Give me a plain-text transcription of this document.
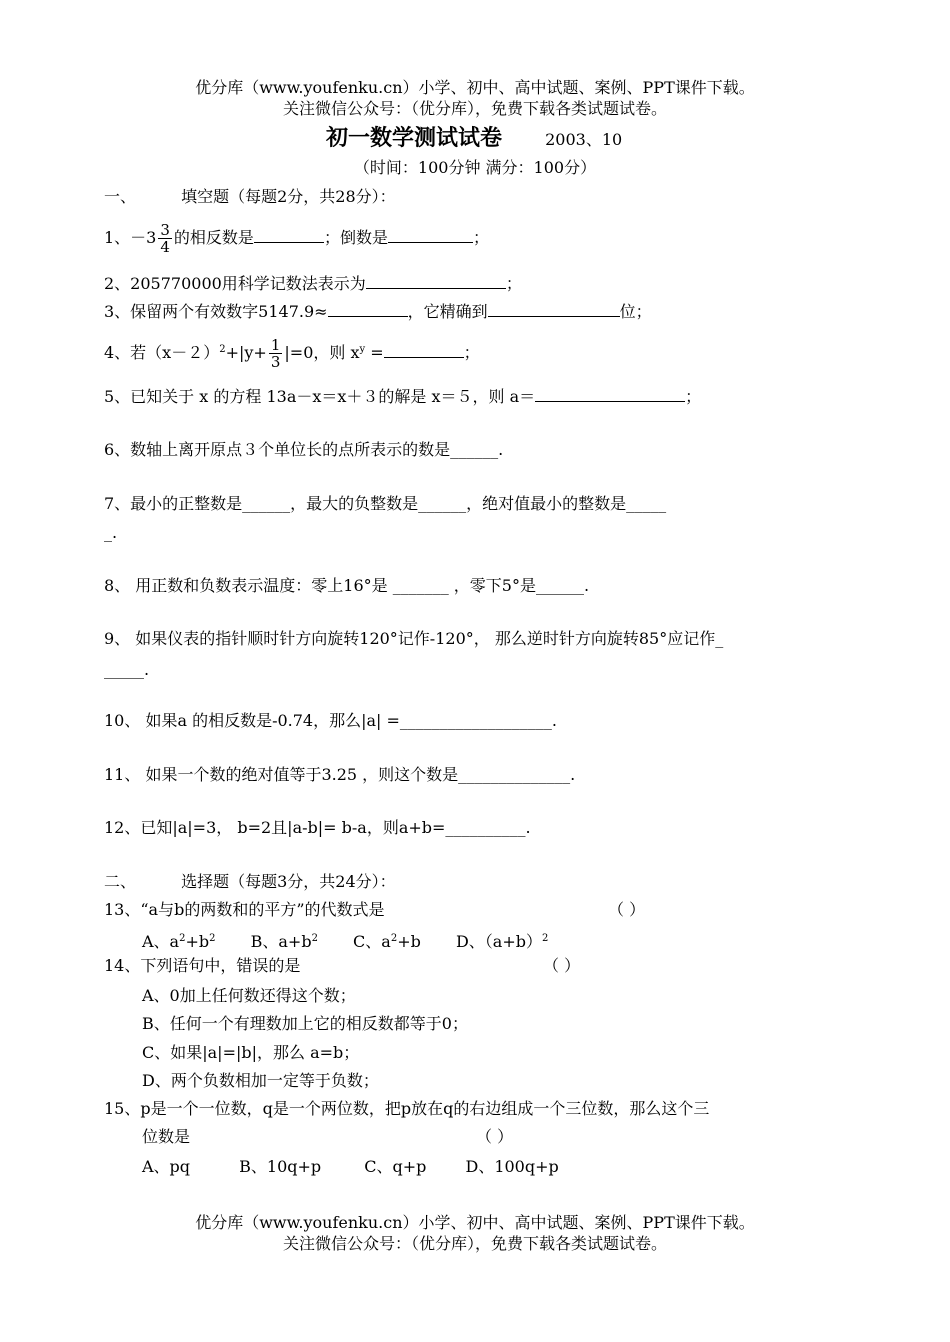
优分库（www.youfenku.cn）小学、初中、高中试题、案例、PPT课件下载。
关注微信公众号：（优分库），免费下载各类试题试卷。
初一数学测试试卷	2003、10
（时间：100分钟 满分：100分）
一、	填空题（每题2分，共28分）：
1、$-3 \frac{3}{4}$ 的相反数是	；倒数是	；
2、205770000用科学记数法表示为	；
3、保留两个有效数字5147.9≈	，它精确到	位；
4、若$(x-2)^2+|y+ \frac{1}{3} |=0$，则 $x^y$ =	；
5、已知关于 x 的方程 13a－x＝x＋３的解是 x＝５，则 a＝	；
6、数轴上离开原点３个单位长的点所表示的数是______.
7、最小的正整数是______，最大的负整数是______，绝对值最小的整数是_____
_.
8、 用正数和负数表示温度：零上16°是 _______ ，零下5°是______.
9、 如果仪表的指针顺时针方向旋转120°记作-120°， 那么逆时针方向旋转85°应记作_
_____.
10、 如果a 的相反数是-0.74，那么|a| =___________________.
11、 如果一个数的绝对值等于3.25 ，则这个数是______________.
12、已知|a|=3， b=2且|a-b|= b-a，则a+b=__________.
二、	选择题（每题3分，共24分）：
13、“a与b的两数和的平方”的代数式是	（ ）
A、$a^2+b^2$ B、$a+b^2$ C、$a^2+b$ D、$(a+b)^2$
14、下列语句中，错误的是	（ ）
A、0加上任何数还得这个数；
B、任何一个有理数加上它的相反数都等于0；
C、如果|a|=|b|，那么 a=b；
D、两个负数相加一定等于负数；
15、p是一个一位数，q是一个两位数，把p放在q的右边组成一个三位数，那么这个三
位数是	（ ）
A、pq	B、10q+p	C、q+p D、100q+p
优分库（www.youfenku.cn）小学、初中、高中试题、案例、PPT课件下载。
关注微信公众号：（优分库），免费下载各类试题试卷。
